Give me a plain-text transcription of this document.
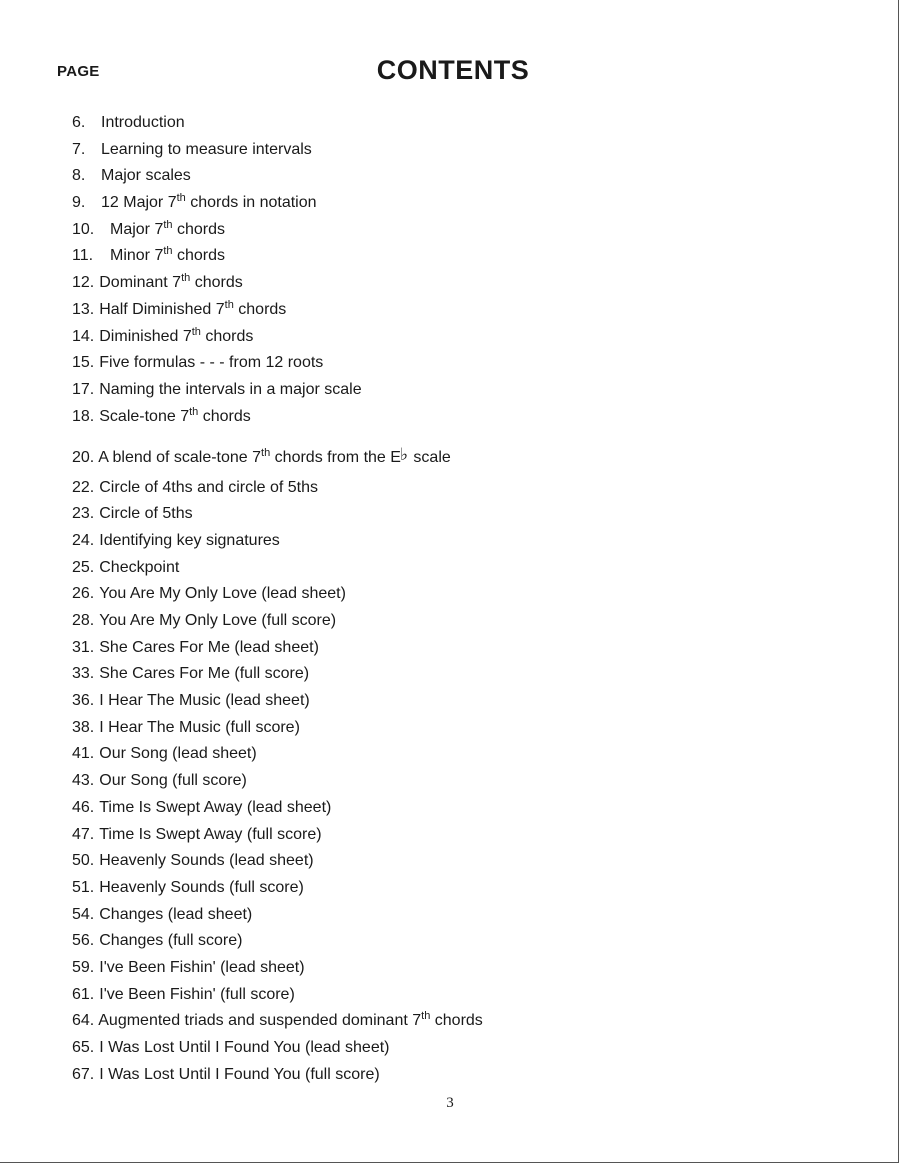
PAGE	CONTENTS
6. Introduction
7. Learning to measure intervals
8. Major scales
9. 12 Major 7th chords in notation
10. Major 7th chords
11.	Minor 7th chords
12. Dominant 7th chords
13. Half Diminished 7th chords
14. Diminished 7th chords
15. Five formulas - - - from 12 roots
17. Naming the intervals in a major scale
18. Scale-tone 7th chords
20. A blend of scale-tone 7th chords from the E♭ scale
22. Circle of 4ths and circle of 5ths
23. Circle of 5ths
24. Identifying key signatures
25. Checkpoint
26. You Are My Only Love (lead sheet)
28. You Are My Only Love (full score)
31. She Cares For Me (lead sheet)
33. She Cares For Me (full score)
36. I Hear The Music (lead sheet)
38. I Hear The Music (full score)
41. Our Song (lead sheet)
43. Our Song (full score)
46. Time Is Swept Away (lead sheet)
47. Time Is Swept Away (full score)
50. Heavenly Sounds (lead sheet)
51. Heavenly Sounds (full score)
54. Changes (lead sheet)
56. Changes (full score)
59. I've Been Fishin' (lead sheet)
61. I've Been Fishin' (full score)
64. Augmented triads and suspended dominant 7th chords
65. I Was Lost Until I Found You (lead sheet)
67. I Was Lost Until I Found You (full score)
3
